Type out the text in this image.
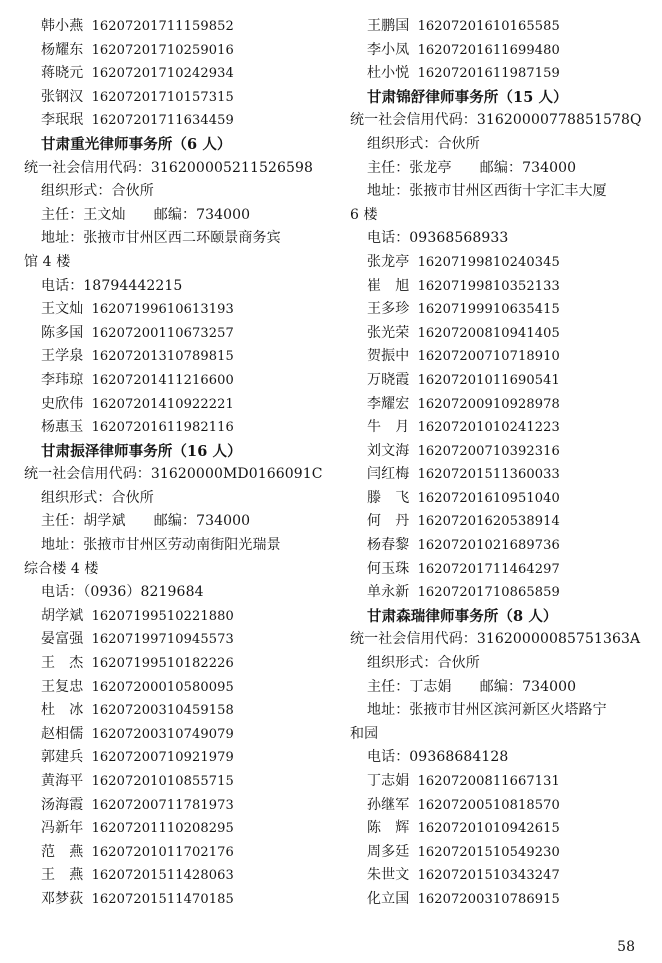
韩小燕 16207201711159852
杨耀东 16207201710259016
蒋晓元 16207201710242934
张钢汉 16207201710157315
李珉珉 16207201711634459
甘肃重光律师事务所（6 人）
统一社会信用代码：316200005211526598
组织形式：合伙所
主任：王文灿　　邮编：734000
地址：张掖市甘州区西二环颐景商务宾
馆 4 楼
电话：18794442215
王文灿 16207199610613193
陈多国 16207200110673257
王学泉 16207201310789815
李玮琼 16207201411216600
史欣伟 16207201410922221
杨惠玉 16207201611982116
甘肃振泽律师事务所（16 人）
统一社会信用代码：31620000MD0166091C
组织形式：合伙所
主任：胡学斌　　邮编：734000
地址：张掖市甘州区劳动南街阳光瑞景
综合楼 4 楼
电话：（0936）8219684
胡学斌 16207199510221880
晏富强 16207199710945573
王　杰 16207199510182226
王复忠 16207200010580095
杜　冰 16207200310459158
赵相儒 16207200310749079
郭建兵 16207200710921979
黄海平 16207201010855715
汤海霞 16207200711781973
冯新年 16207201110208295
范　燕 16207201011702176
王　燕 16207201511428063
邓梦荻 16207201511470185
王鹏国 16207201610165585
李小凤 16207201611699480
杜小悦 16207201611987159
甘肃锦舒律师事务所（15 人）
统一社会信用代码：31620000778851578Q
组织形式：合伙所
主任：张龙亭　　邮编：734000
地址：张掖市甘州区西街十字汇丰大厦
6 楼
电话：09368568933
张龙亭 16207199810240345
崔　旭 16207199810352133
王多珍 16207199910635415
张光荣 16207200810941405
贺振中 16207200710718910
万晓霞 16207201011690541
李耀宏 16207200910928978
牛　月 16207201010241223
刘文海 16207200710392316
闫红梅 16207201511360033
滕　飞 16207201610951040
何　丹 16207201620538914
杨春黎 16207201021689736
何玉珠 16207201711464297
单永新 16207201710865859
甘肃森瑞律师事务所（8 人）
统一社会信用代码：31620000085751363A
组织形式：合伙所
主任：丁志娟　　邮编：734000
地址：张掖市甘州区滨河新区火塔路宁
和园
电话：09368684128
丁志娟 16207200811667131
孙继军 16207200510818570
陈　辉 16207201010942615
周多廷 16207201510549230
朱世文 16207201510343247
化立国 16207200310786915
58
